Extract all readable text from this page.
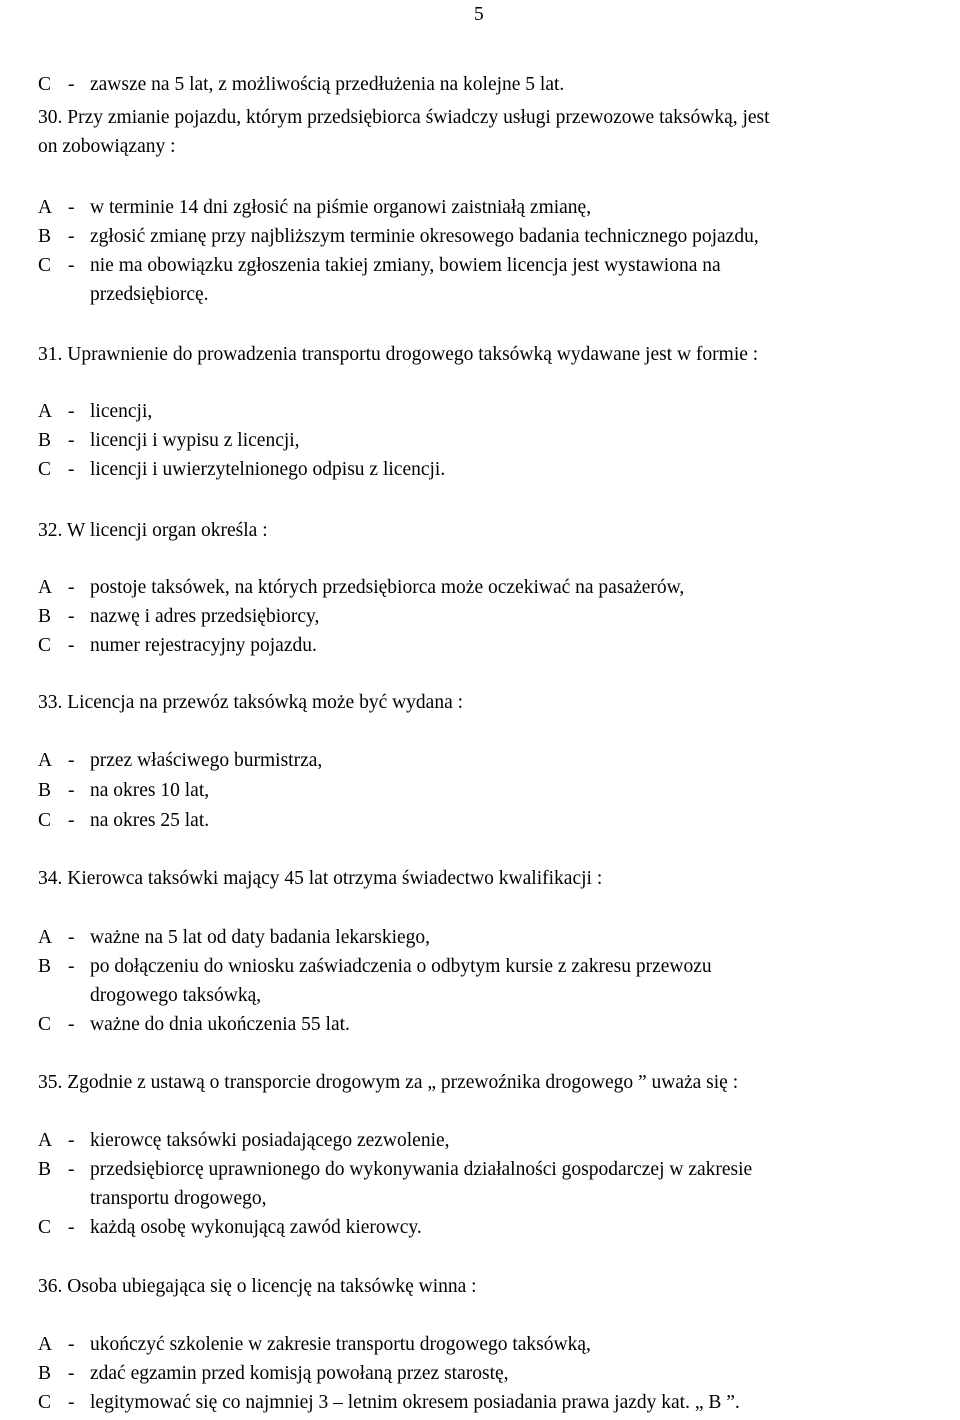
5
C - zawsze na 5 lat, z możliwością przedłużenia na kolejne 5 lat.
30. Przy zmianie pojazdu, którym przedsiębiorca świadczy usługi przewozowe taksówką, jest
on zobowiązany :
A - w terminie 14 dni zgłosić na piśmie organowi zaistniałą zmianę,
B - zgłosić zmianę przy najbliższym terminie okresowego badania technicznego pojazdu,
C - nie ma obowiązku zgłoszenia takiej zmiany, bowiem licencja jest wystawiona na
przedsiębiorcę.
31. Uprawnienie do prowadzenia transportu drogowego taksówką wydawane jest w formie :
A - licencji,
B - licencji i wypisu z licencji,
C - licencji i uwierzytelnionego odpisu z licencji.
32. W licencji organ określa :
A - postoje taksówek, na których przedsiębiorca może oczekiwać na pasażerów,
B - nazwę i adres przedsiębiorcy,
C - numer rejestracyjny pojazdu.
33. Licencja na przewóz taksówką może być wydana :
A - przez właściwego burmistrza,
B - na okres 10 lat,
C - na okres 25 lat.
34. Kierowca taksówki mający 45 lat otrzyma świadectwo kwalifikacji :
A - ważne na 5 lat od daty badania lekarskiego,
B - po dołączeniu do wniosku zaświadczenia o odbytym kursie z zakresu przewozu
drogowego taksówką,
C - ważne do dnia ukończenia 55 lat.
35. Zgodnie z ustawą o transporcie drogowym za „ przewoźnika drogowego ” uważa się :
A - kierowcę taksówki posiadającego zezwolenie,
B - przedsiębiorcę uprawnionego do wykonywania działalności gospodarczej w zakresie
transportu drogowego,
C - każdą osobę wykonującą zawód kierowcy.
36. Osoba ubiegająca się o licencję na taksówkę winna :
A - ukończyć szkolenie w zakresie transportu drogowego taksówką,
B - zdać egzamin przed komisją powołaną przez starostę,
C - legitymować się co najmniej 3 – letnim okresem posiadania prawa jazdy kat. „ B ”.
